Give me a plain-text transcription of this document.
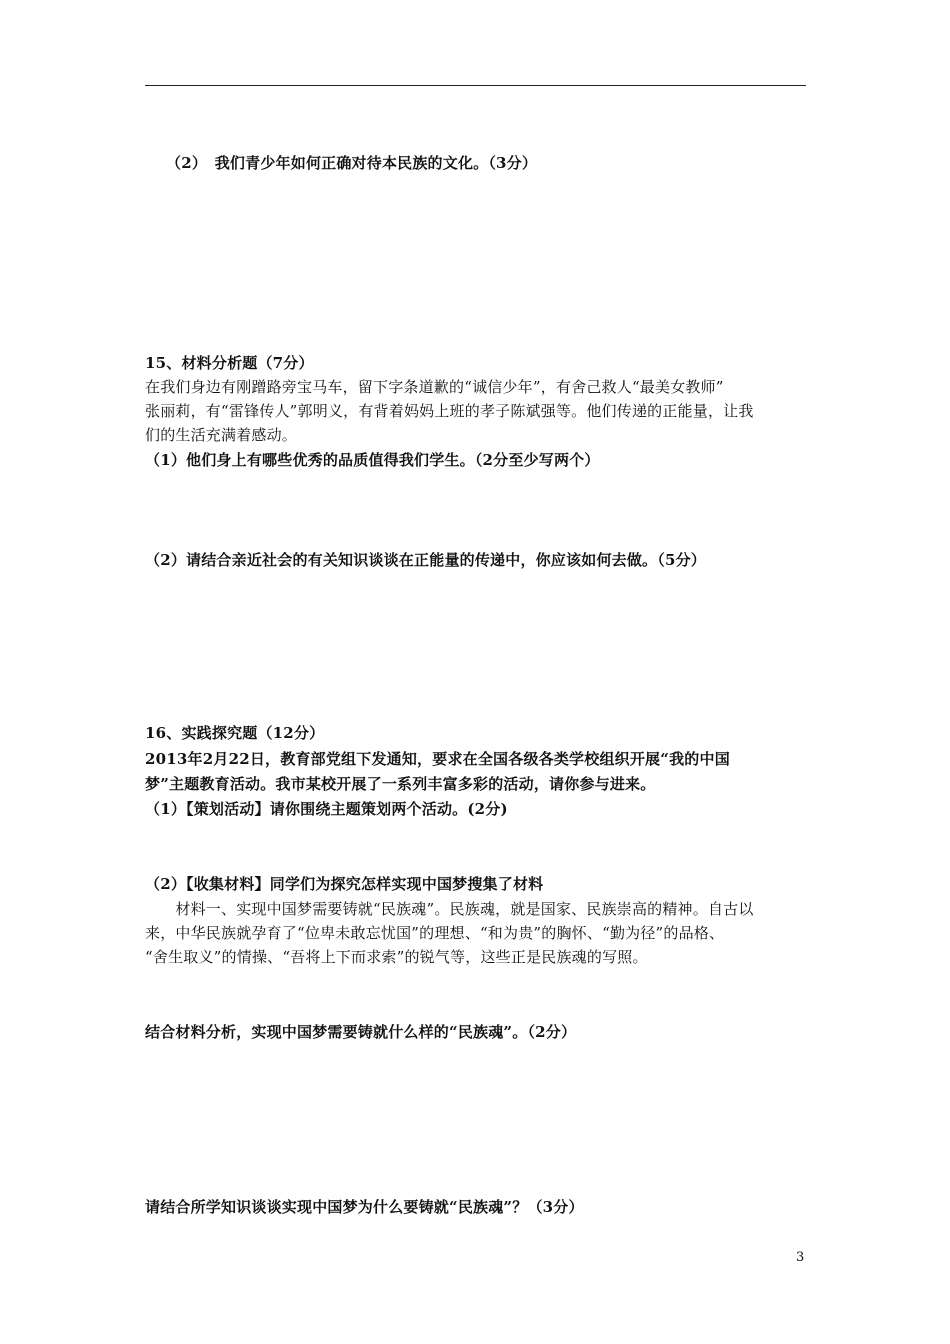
（2）　我们青少年如何正确对待本民族的文化。（3分）
15、材料分析题（7分）
在我们身边有刚蹭路旁宝马车，留下字条道歉的“诚信少年”，有舍己救人“最美女教师”
张丽莉，有“雷锋传人”郭明义，有背着妈妈上班的孝子陈斌强等。他们传递的正能量，让我
们的生活充满着感动。
（1）他们身上有哪些优秀的品质值得我们学生。（2分至少写两个）
（2）请结合亲近社会的有关知识谈谈在正能量的传递中，你应该如何去做。（5分）
16、实践探究题（12分）
2013年2月22日，教育部党组下发通知，要求在全国各级各类学校组织开展“我的中国
梦”主题教育活动。我市某校开展了一系列丰富多彩的活动，请你参与进来。
（1）【策划活动】请你围绕主题策划两个活动。(2分)
（2）【收集材料】同学们为探究怎样实现中国梦搜集了材料
　　材料一、实现中国梦需要铸就“民族魂”。民族魂，就是国家、民族崇高的精神。自古以
来，中华民族就孕育了“位卑未敢忘忧国”的理想、“和为贵”的胸怀、“勤为径”的品格、
“舍生取义”的情操、“吾将上下而求索”的锐气等，这些正是民族魂的写照。
结合材料分析，实现中国梦需要铸就什么样的“民族魂”。（2分）
请结合所学知识谈谈实现中国梦为什么要铸就“民族魂”？（3分）
3
